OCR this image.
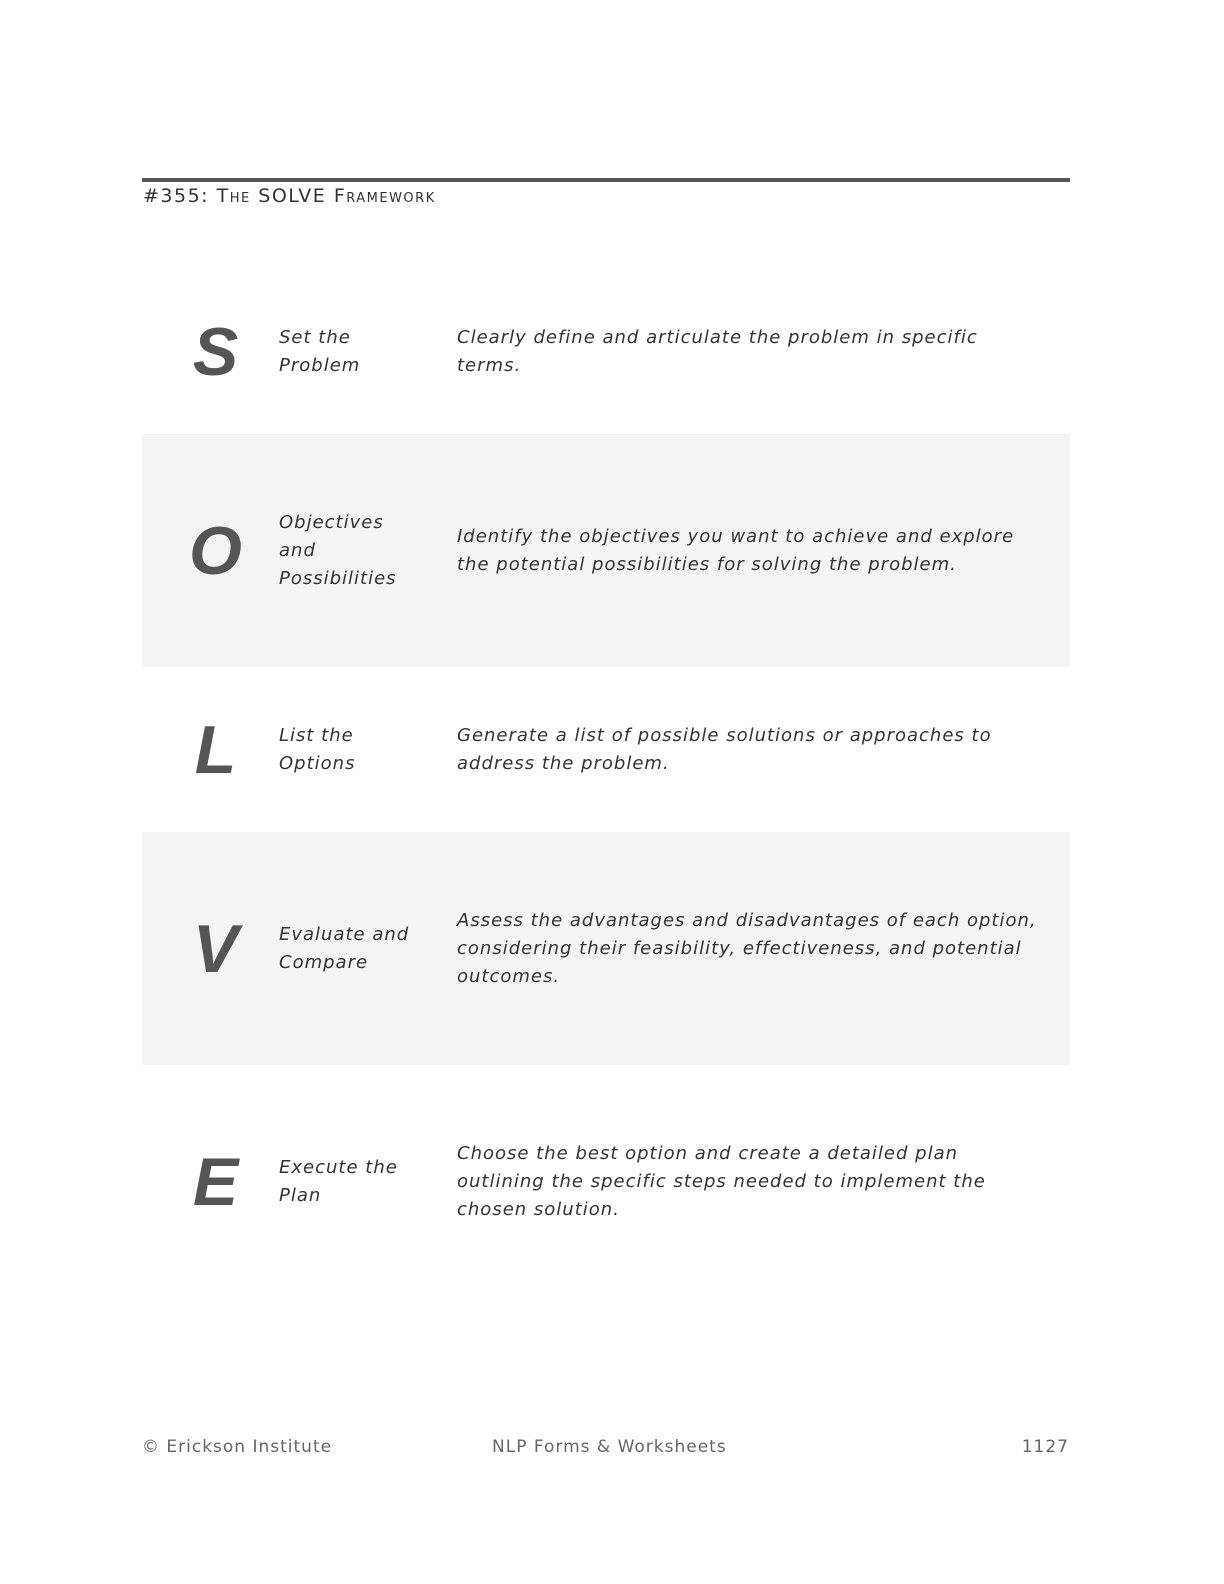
#355: The SOLVE Framework
S	Set the Problem
Clearly define and articulate the problem in specific terms.
O	Objectives and Possibilities
Identify the objectives you want to achieve and explore the potential possibilities for solving the problem.
L	List the Options
Generate a list of possible solutions or approaches to address the problem.
V	Evaluate and Compare
Assess the advantages and disadvantages of each option, considering their feasibility, effectiveness, and potential outcomes.
E	Execute the Plan
Choose the best option and create a detailed plan outlining the specific steps needed to implement the chosen solution.
© Erickson Institute	NLP Forms & Worksheets	1127
